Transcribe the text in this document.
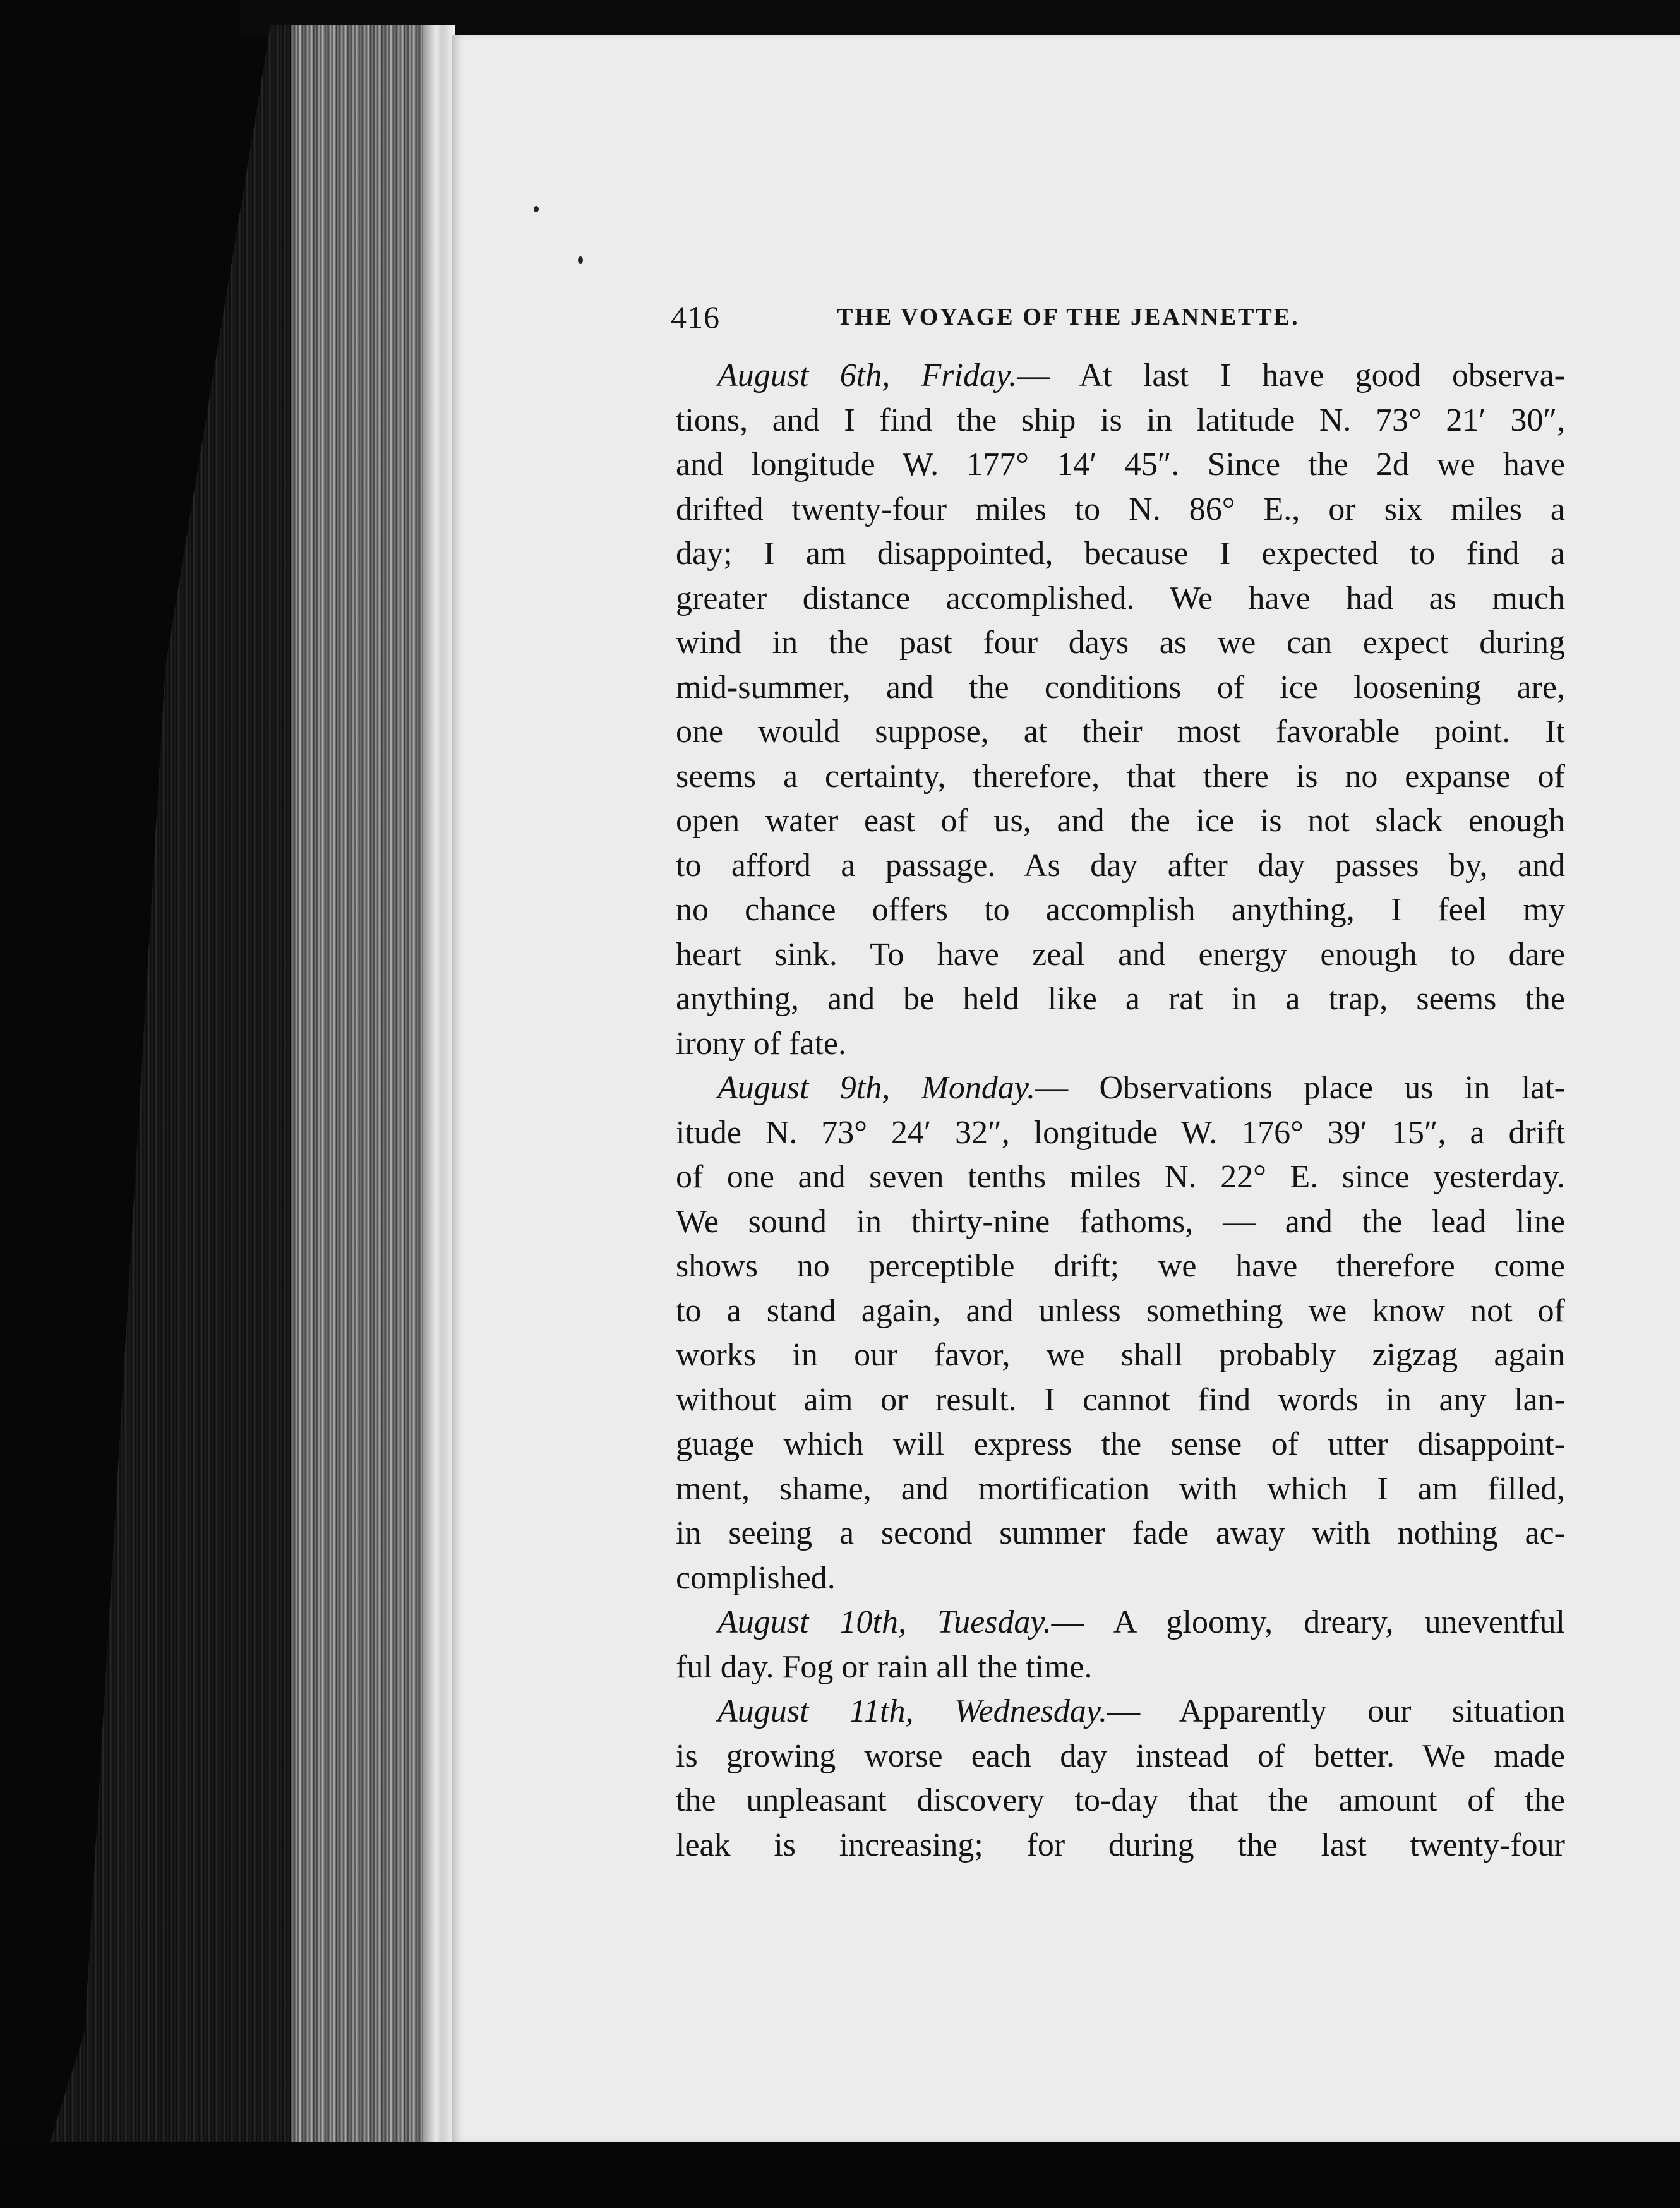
416	THE VOYAGE OF THE JEANNETTE.
August 6th, Friday.— At last I have good observa-
tions, and I find the ship is in latitude N. 73° 21′ 30″,
and longitude W. 177° 14′ 45″. Since the 2d we have
drifted twenty-four miles to N. 86° E., or six miles a
day; I am disappointed, because I expected to find a
greater distance accomplished. We have had as much
wind in the past four days as we can expect during
mid-summer, and the conditions of ice loosening are,
one would suppose, at their most favorable point. It
seems a certainty, therefore, that there is no expanse of
open water east of us, and the ice is not slack enough
to afford a passage. As day after day passes by, and
no chance offers to accomplish anything, I feel my
heart sink. To have zeal and energy enough to dare
anything, and be held like a rat in a trap, seems the
irony of fate.
August 9th, Monday.— Observations place us in lat-
itude N. 73° 24′ 32″, longitude W. 176° 39′ 15″, a drift
of one and seven tenths miles N. 22° E. since yesterday.
We sound in thirty-nine fathoms, — and the lead line
shows no perceptible drift; we have therefore come
to a stand again, and unless something we know not of
works in our favor, we shall probably zigzag again
without aim or result. I cannot find words in any lan-
guage which will express the sense of utter disappoint-
ment, shame, and mortification with which I am filled,
in seeing a second summer fade away with nothing ac-
complished.
August 10th, Tuesday.— A gloomy, dreary, uneventful
ful day. Fog or rain all the time.
August 11th, Wednesday.— Apparently our situation
is growing worse each day instead of better. We made
the unpleasant discovery to-day that the amount of the
leak is increasing; for during the last twenty-four
